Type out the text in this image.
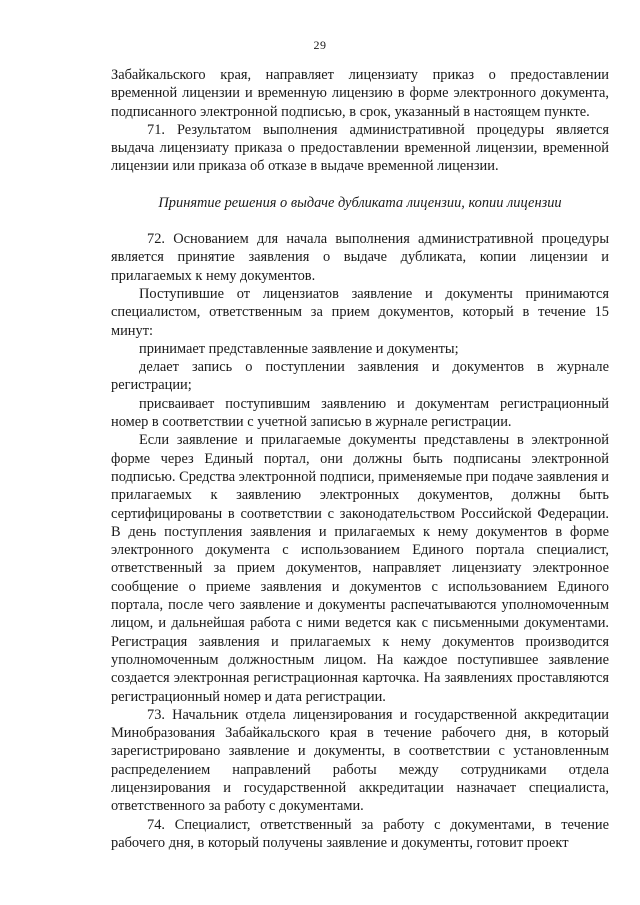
29

Забайкальского края, направляет лицензиату приказ о предоставлении временной лицензии и временную лицензию в форме электронного документа, подписанного электронной подписью, в срок, указанный в настоящем пункте.

71. Результатом выполнения административной процедуры является выдача лицензиату приказа о предоставлении временной лицензии, временной лицензии или приказа об отказе в выдаче временной лицензии.

Принятие решения о выдаче дубликата лицензии, копии лицензии

72. Основанием для начала выполнения административной процедуры является принятие заявления о выдаче дубликата, копии лицензии и прилагаемых к нему документов.

Поступившие от лицензиатов заявление и документы принимаются специалистом, ответственным за прием документов, который в течение 15 минут:

принимает представленные заявление и документы;

делает запись о поступлении заявления и документов в журнале регистрации;

присваивает поступившим заявлению и документам регистрационный номер в соответствии с учетной записью в журнале регистрации.

Если заявление и прилагаемые документы представлены в электронной форме через Единый портал, они должны быть подписаны электронной подписью. Средства электронной подписи, применяемые при подаче заявления и прилагаемых к заявлению электронных документов, должны быть сертифицированы в соответствии с законодательством Российской Федерации. В день поступления заявления и прилагаемых к нему документов в форме электронного документа с использованием Единого портала специалист, ответственный за прием документов, направляет лицензиату электронное сообщение о приеме заявления и документов с использованием Единого портала, после чего заявление и документы распечатываются уполномоченным лицом, и дальнейшая работа с ними ведется как с письменными документами. Регистрация заявления и прилагаемых к нему документов производится уполномоченным должностным лицом. На каждое поступившее заявление создается электронная регистрационная карточка. На заявлениях проставляются регистрационный номер и дата регистрации.

73. Начальник отдела лицензирования и государственной аккредитации Минобразования Забайкальского края в течение рабочего дня, в который зарегистрировано заявление и документы, в соответствии с установленным распределением направлений работы между сотрудниками отдела лицензирования и государственной аккредитации назначает специалиста, ответственного за работу с документами.

74. Специалист, ответственный за работу с документами, в течение рабочего дня, в который получены заявление и документы, готовит проект
